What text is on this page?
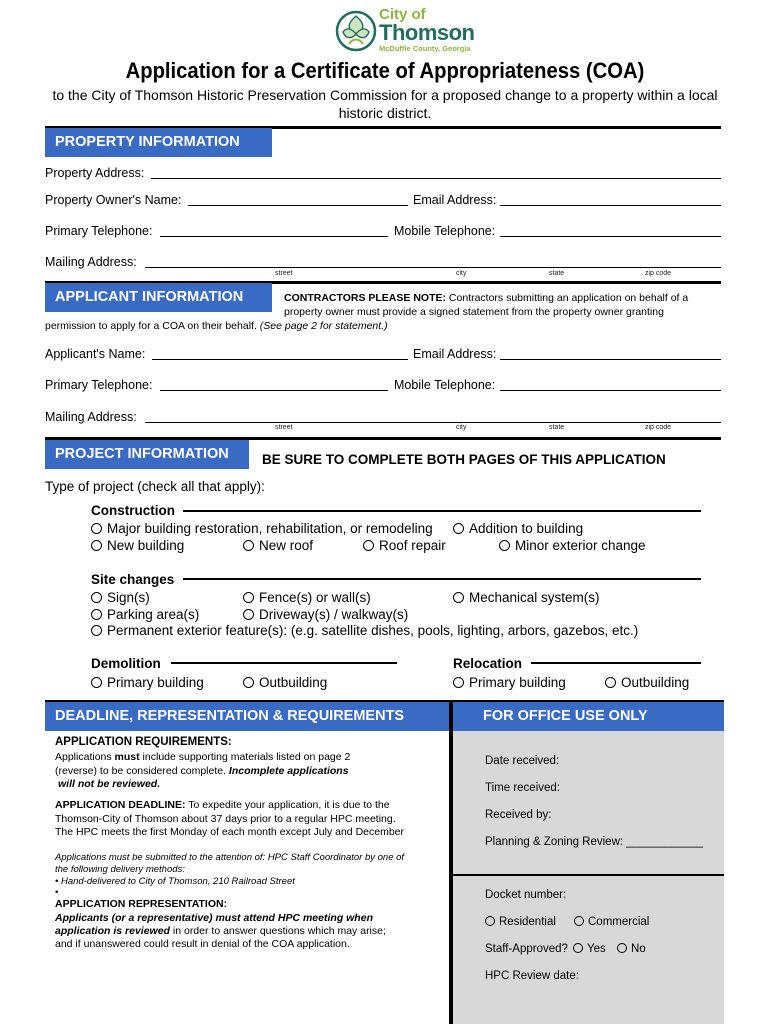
City of
Thomson
McDuffie County, Georgia
Application for a Certificate of Appropriateness (COA)
to the City of Thomson Historic Preservation Commission for a proposed change to a property within a local historic district.
PROPERTY INFORMATION
Property Address:
Property Owner's Name:	Email Address:
Primary Telephone:	Mobile Telephone:
Mailing Address:
street	city	state	zip code
APPLICANT INFORMATION	CONTRACTORS PLEASE NOTE: Contractors submitting an application on behalf of a
property owner must provide a signed statement from the property owner granting
permission to apply for a COA on their behalf. (See page 2 for statement.)
Applicant's Name:	Email Address:
Primary Telephone:	Mobile Telephone:
Mailing Address:
street	city	state	zip code
PROJECT INFORMATION	BE SURE TO COMPLETE BOTH PAGES OF THIS APPLICATION
Type of project (check all that apply):
Construction
Major building restoration, rehabilitation, or remodeling	Addition to building
New building	New roof	Roof repair	Minor exterior change
Site changes
Sign(s)	Fence(s) or wall(s)	Mechanical system(s)
Parking area(s)	Driveway(s) / walkway(s)
Permanent exterior feature(s): (e.g. satellite dishes, pools, lighting, arbors, gazebos, etc.)
Demolition
Primary building	Outbuilding
Relocation
Primary building	Outbuilding
DEADLINE, REPRESENTATION & REQUIREMENTS	FOR OFFICE USE ONLY
Date received:
Time received:
Received by:
Planning & Zoning Review: ____________
Docket number:
Residential	Commercial
Staff-Approved?	Yes	No
HPC Review date:
APPLICATION REQUIREMENTS:
Applications must include supporting materials listed on page 2
(reverse) to be considered complete. Incomplete applications
will not be reviewed.
APPLICATION DEADLINE: To expedite your application, it is due to the
Thomson-City of Thomson about 37 days prior to a regular HPC meeting.
The HPC meets the first Monday of each month except July and December
Applications must be submitted to the attention of: HPC Staff Coordinator by one of
the following delivery methods:
• Hand-delivered to City of Thomson, 210 Railroad Street
•
APPLICATION REPRESENTATION:
Applicants (or a representative) must attend HPC meeting when
application is reviewed in order to answer questions which may arise;
and if unanswered could result in denial of the COA application.
